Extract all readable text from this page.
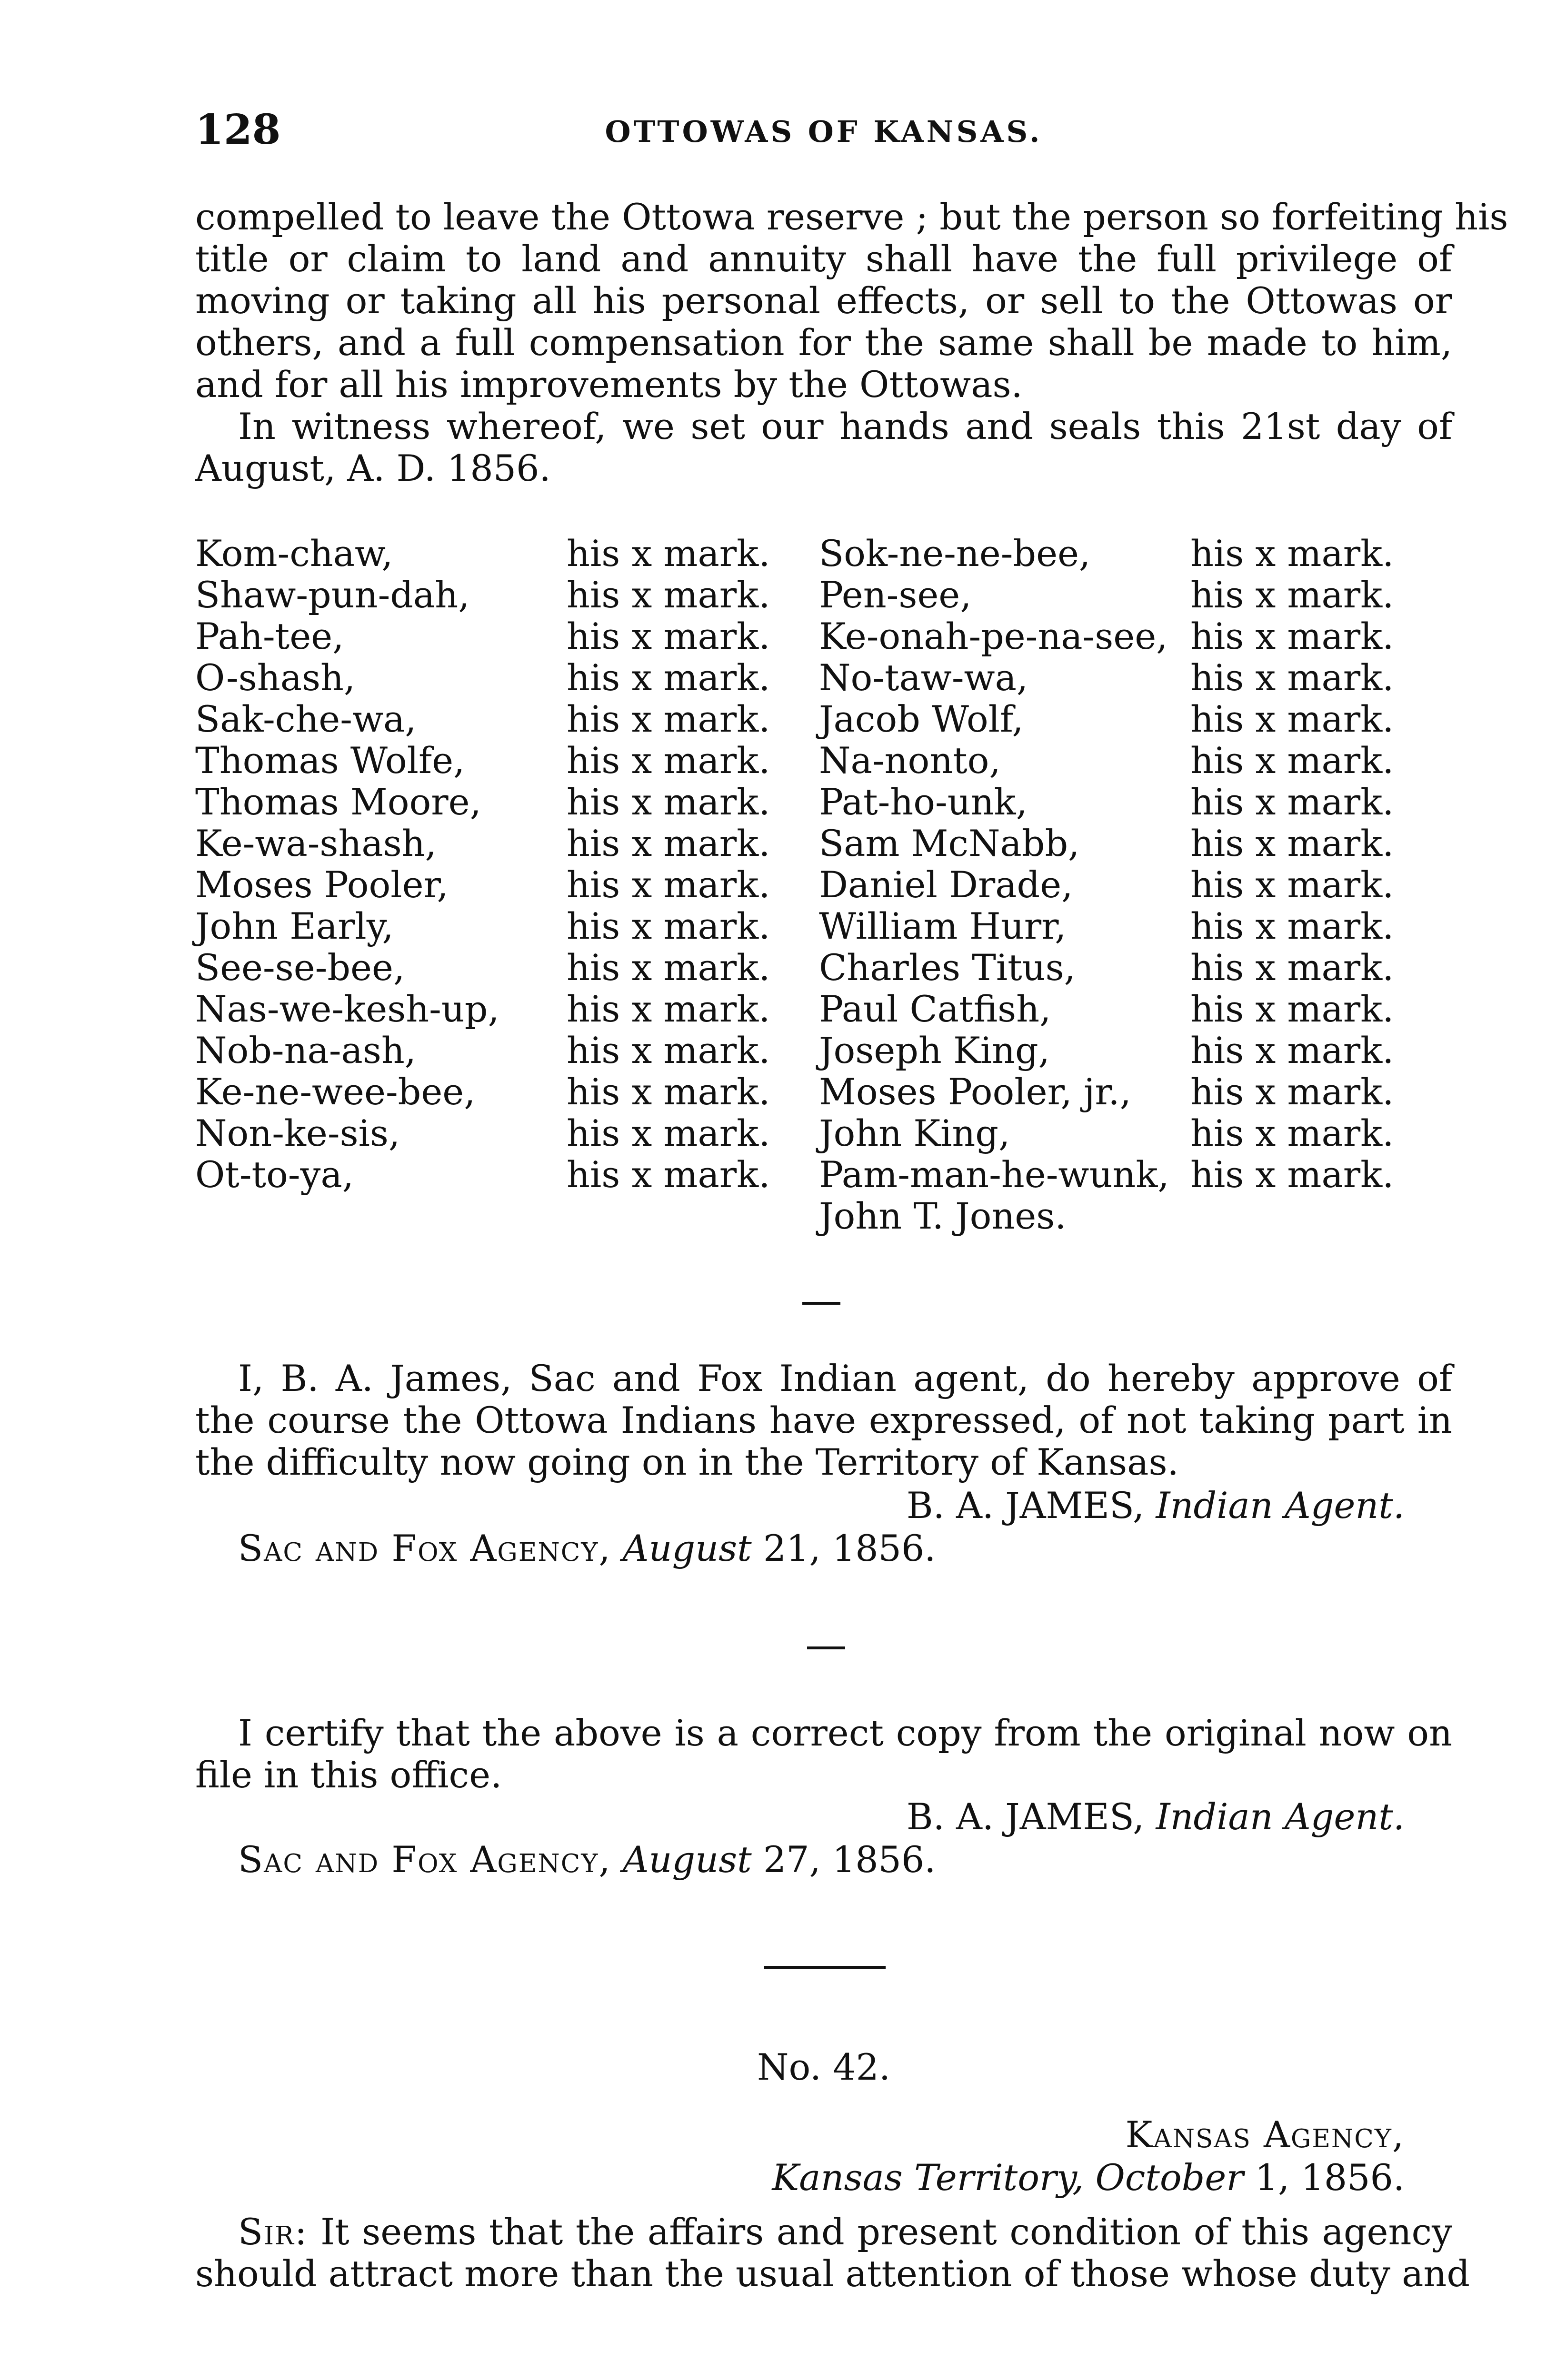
128	OTTOWAS OF KANSAS.
compelled to leave the Ottowa reserve ; but the person so forfeiting his
title or claim to land and annuity shall have the full privilege of
moving or taking all his personal effects, or sell to the Ottowas or
others, and a full compensation for the same shall be made to him,
and for all his improvements by the Ottowas.
In witness whereof, we set our hands and seals this 21st day of
August, A. D. 1856.
Kom-chaw,	his x mark. Sok-ne-ne-bee,	his x mark.
Shaw-pun-dah,	his x mark. Pen-see,	his x mark.
Pah-tee,	his x mark. Ke-onah-pe-na-see, his x mark.
O-shash,	his x mark. No-taw-wa,	his x mark.
Sak-che-wa,	his x mark. Jacob Wolf,	his x mark.
Thomas Wolfe,	his x mark. Na-nonto,	his x mark.
Thomas Moore, his x mark. Pat-ho-unk,	his x mark.
Ke-wa-shash,	his x mark. Sam McNabb,	his x mark.
Moses Pooler,	his x mark. Daniel Drade,	his x mark.
John Early,	his x mark. William Hurr,	his x mark.
See-se-bee,	his x mark. Charles Titus,	his x mark.
Nas-we-kesh-up, his x mark. Paul Catfish,	his x mark.
Nob-na-ash,	his x mark. Joseph King,	his x mark.
Ke-ne-wee-bee,	his x mark. Moses Pooler, jr., his x mark.
Non-ke-sis,	his x mark. John King,	his x mark.
Ot-to-ya,	his x mark. Pam-man-he-wunk, his x mark.
John T. Jones.
I, B. A. James, Sac and Fox Indian agent, do hereby approve of
the course the Ottowa Indians have expressed, of not taking part in
the difficulty now going on in the Territory of Kansas.
B. A. JAMES, Indian Agent.
Sac and Fox Agency, August 21, 1856.
I certify that the above is a correct copy from the original now on
file in this office.
B. A. JAMES, Indian Agent.
Sac and Fox Agency, August 27, 1856.
No. 42.
Kansas Agency,
Kansas Territory, October 1, 1856.
Sir: It seems that the affairs and present condition of this agency
should attract more than the usual attention of those whose duty and
